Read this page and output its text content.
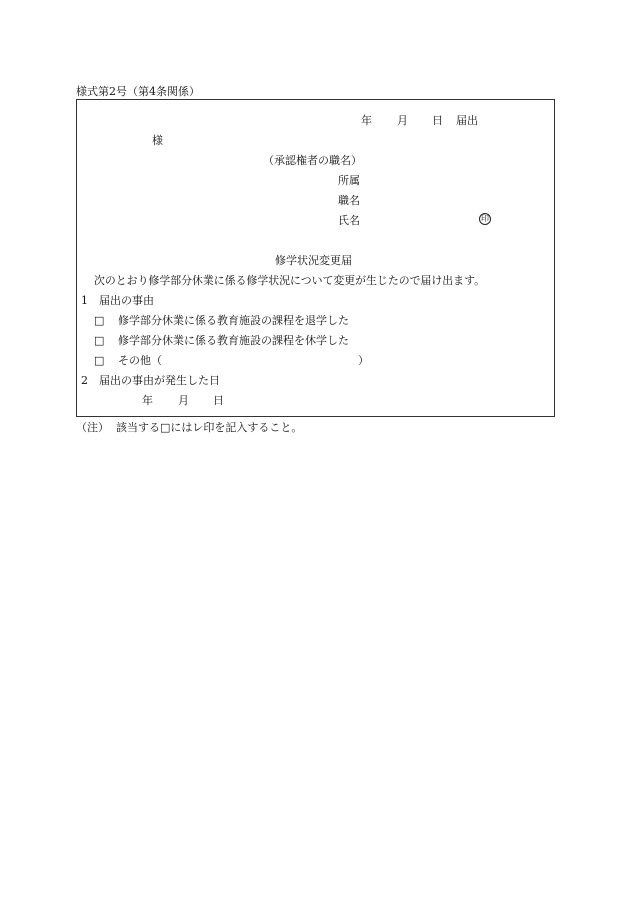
様式第2号（第4条関係）
年 月 日 届出
様
（承認権者の職名）
所属
職名
氏名	印
修学状況変更届
次のとおり修学部分休業に係る修学状況について変更が生じたので届け出ます。
1 届出の事由
□ 修学部分休業に係る教育施設の課程を退学した
□ 修学部分休業に係る教育施設の課程を休学した
□ その他（	）
2 届出の事由が発生した日
年 月 日
（注） 該当する□にはレ印を記入すること。
